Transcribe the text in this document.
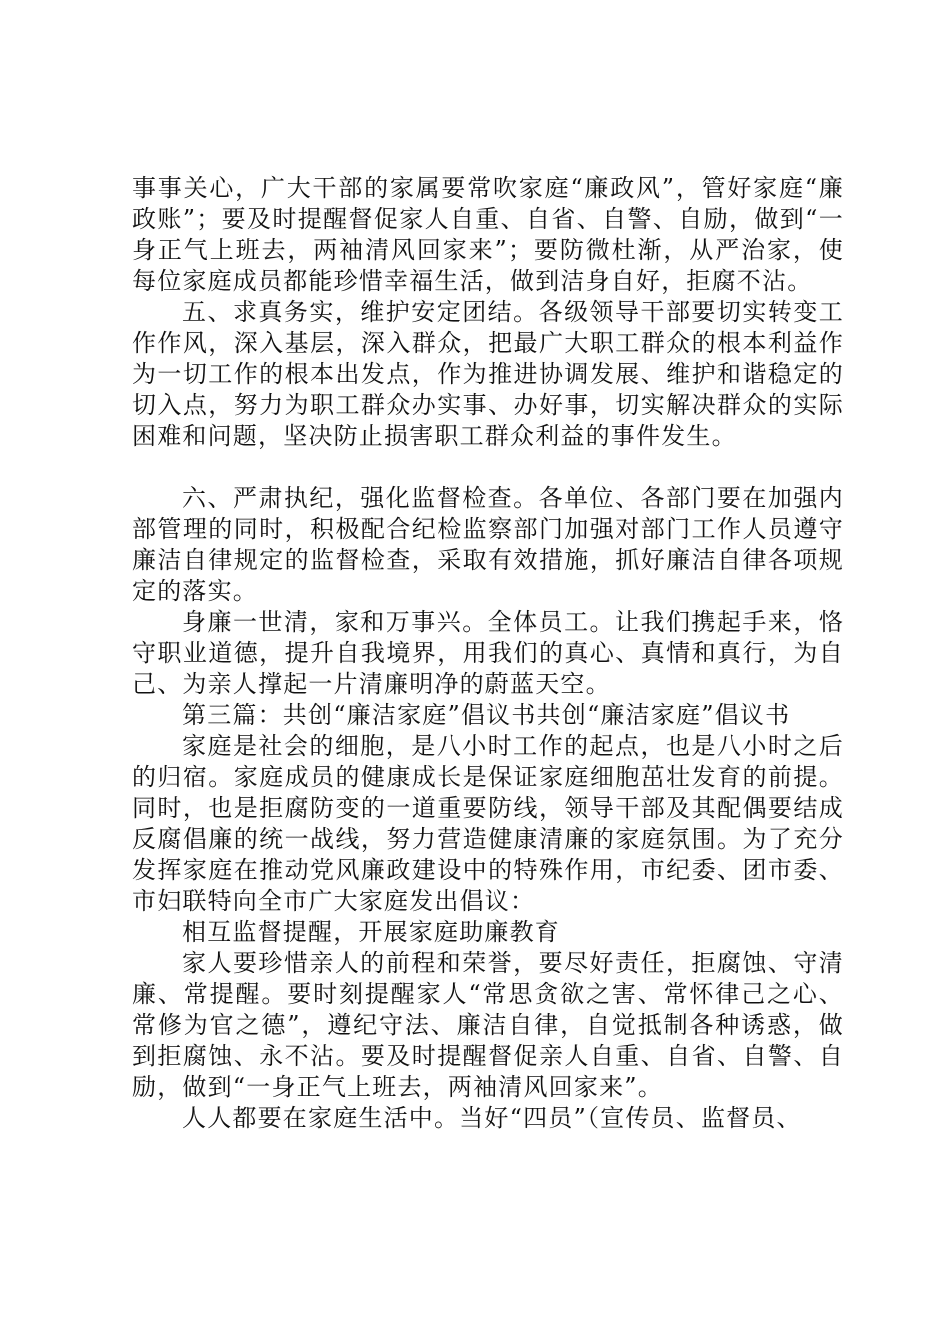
事事关心，广大干部的家属要常吹家庭“廉政风”，管好家庭“廉政账”；要及时提醒督促家人自重、自省、自警、自励，做到“一身正气上班去，两袖清风回家来”；要防微杜渐，从严治家，使每位家庭成员都能珍惜幸福生活，做到洁身自好，拒腐不沾。

五、求真务实，维护安定团结。各级领导干部要切实转变工作作风，深入基层，深入群众，把最广大职工群众的根本利益作为一切工作的根本出发点，作为推进协调发展、维护和谐稳定的切入点，努力为职工群众办实事、办好事，切实解决群众的实际困难和问题，坚决防止损害职工群众利益的事件发生。

六、严肃执纪，强化监督检查。各单位、各部门要在加强内部管理的同时，积极配合纪检监察部门加强对部门工作人员遵守廉洁自律规定的监督检查，采取有效措施，抓好廉洁自律各项规定的落实。

身廉一世清，家和万事兴。全体员工。让我们携起手来，恪守职业道德，提升自我境界，用我们的真心、真情和真行，为自己、为亲人撑起一片清廉明净的蔚蓝天空。

第三篇：共创“廉洁家庭”倡议书共创“廉洁家庭”倡议书

家庭是社会的细胞，是八小时工作的起点，也是八小时之后的归宿。家庭成员的健康成长是保证家庭细胞茁壮发育的前提。同时，也是拒腐防变的一道重要防线，领导干部及其配偶要结成反腐倡廉的统一战线，努力营造健康清廉的家庭氛围。为了充分发挥家庭在推动党风廉政建设中的特殊作用，市纪委、团市委、市妇联特向全市广大家庭发出倡议：

相互监督提醒，开展家庭助廉教育

家人要珍惜亲人的前程和荣誉，要尽好责任，拒腐蚀、守清廉、常提醒。要时刻提醒家人“常思贪欲之害、常怀律己之心、常修为官之德”，遵纪守法、廉洁自律，自觉抵制各种诱惑，做到拒腐蚀、永不沾。要及时提醒督促亲人自重、自省、自警、自励，做到“一身正气上班去，两袖清风回家来”。

人人都要在家庭生活中。当好“四员”（宣传员、监督员、
